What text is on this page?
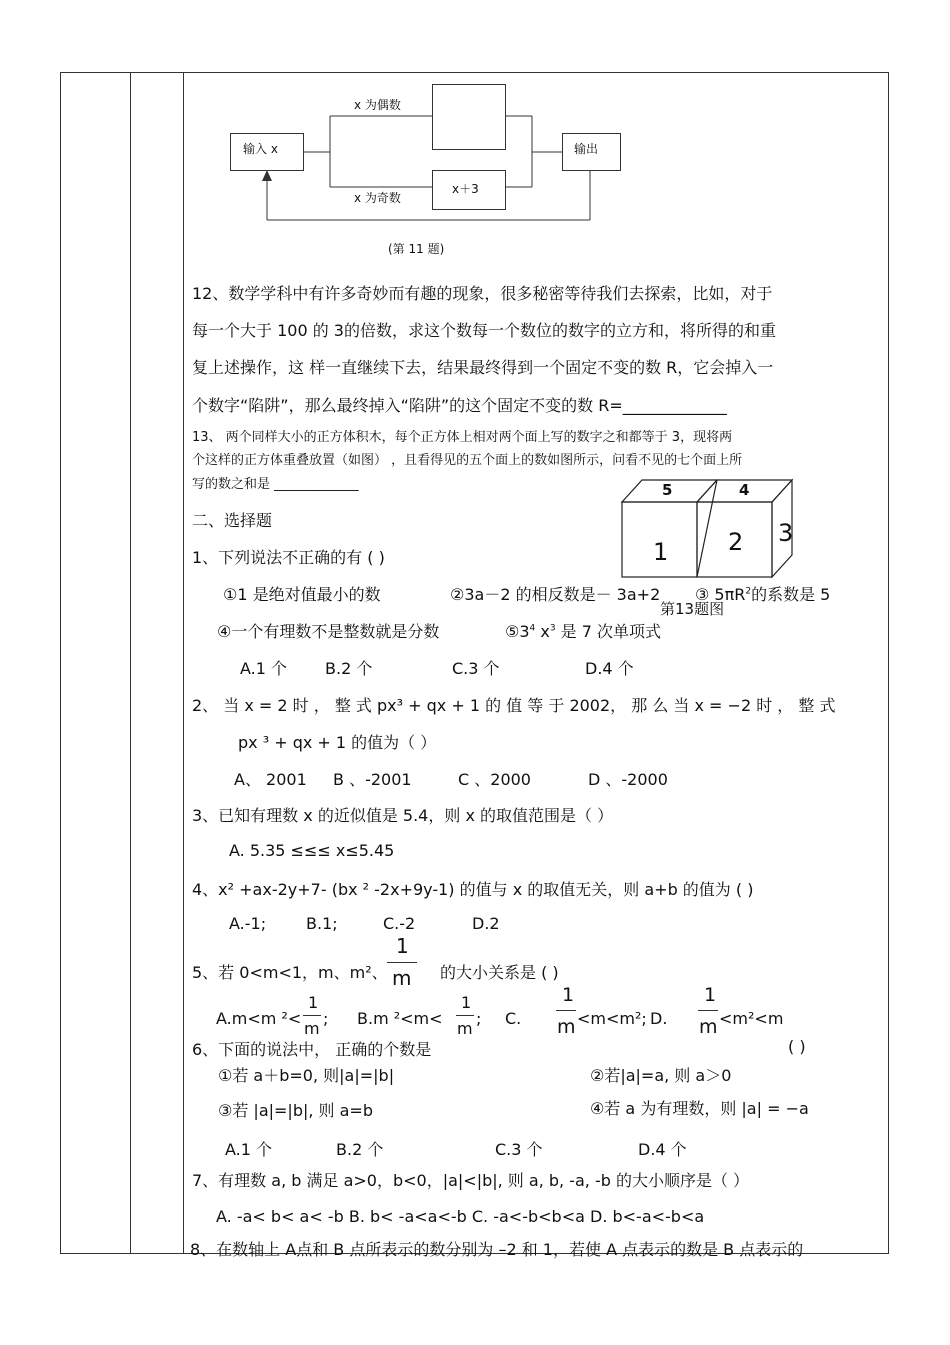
输入 x
x＋3
输出
x 为偶数
x 为奇数
(第 11 题)
12、数学学科中有许多奇妙而有趣的现象，很多秘密等待我们去探索，比如，对于
每一个大于 100 的 3的倍数，求这个数每一个数位的数字的立方和，将所得的和重
复上述操作，这 样一直继续下去，结果最终得到一个固定不变的数 R，它会掉入一
个数字“陷阱”，那么最终掉入“陷阱”的这个固定不变的数 R=_____________
13、 两个同样大小的正方体积木，每个正方体上相对两个面上写的数字之和都等于 3，现将两
个这样的正方体重叠放置（如图） ，且看得见的五个面上的数如图所示，问看不见的七个面上所
写的数之和是 _____________	5	4
1 2 3
第13题图
二、选择题
1、下列说法不正确的有 ( )
①1 是绝对值最小的数	②3a－2 的相反数是－ 3a+2 ③ $5\pi R^2$的系数是 5
④一个有理数不是整数就是分数	$⑤3^4$ $x^3$ 是 7 次单项式
A.1 个 B.2 个	C.3 个	D.4 个
2、 当 x = 2 时 ， 整 式 px³ + qx + 1 的 值 等 于 2002， 那 么 当 x = −2 时 ， 整 式
px ³ + qx + 1 的值为（ ）
A、 2001 B 、-2001	C 、2000	D 、-2000
3、已知有理数 x 的近似值是 5.4，则 x 的取值范围是（ ）
A. 5.35 ≤≤≤ x≤5.45
4、x² +ax-2y+7- (bx ² -2x+9y-1) 的值与 x 的取值无关，则 a+b 的值为 ( )
A.-1; B.1;	C.-2	D.2
5、若 0<m<1，m、m²、
1
m 的大小关系是 ( )
A.m<m ²<
1
m
; B.m ²<m<
1
m
; C.
1
m <m<m²; D.
1
m <m²<m
6、下面的说法中， 正确的个数是	( )
①若 a＋b=0, 则|a|=|b|	②若|a|=a, 则 a＞0
③若 |a|=|b|, 则 a=b	④若 a 为有理数，则 |a| = −a
A.1 个	B.2 个	C.3 个	D.4 个
7、有理数 a, b 满足 a>0，b<0，|a|<|b|, 则 a, b, -a, -b 的大小顺序是（ ）
A. -a< b< a< -b B. b< -a<a<-b C. -a<-b<b<a D. b<-a<-b<a
8、在数轴上 A点和 B 点所表示的数分别为 –2 和 1，若使 A 点表示的数是 B 点表示的
